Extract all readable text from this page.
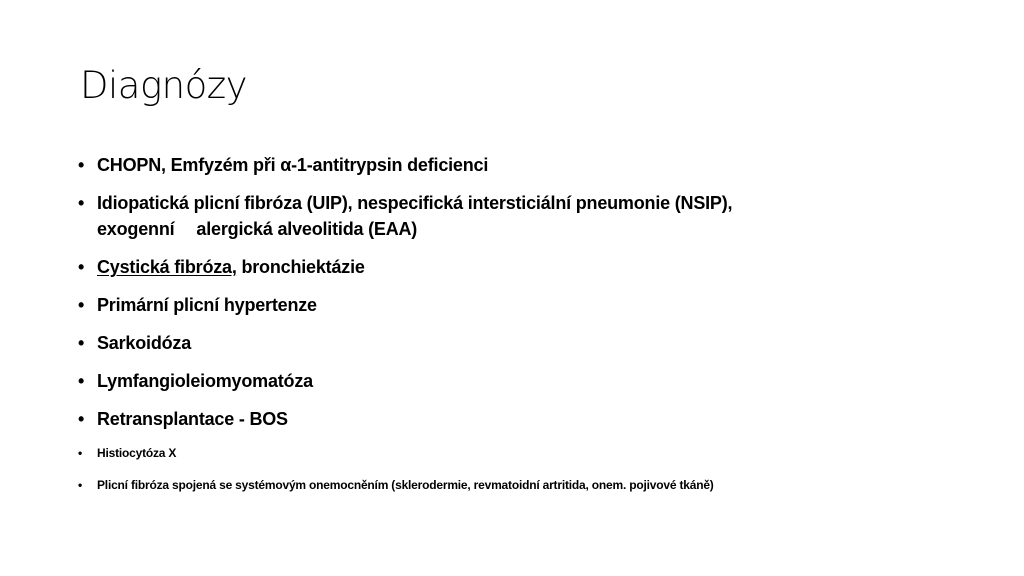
Diagnózy
• CHOPN, Emfyzém při α-1-antitrypsin deficienci
• Idiopatická plicní fibróza (UIP), nespecifická intersticiální pneumonie (NSIP),
exogenní alergická alveolitida (EAA)
• Cystická fibróza, bronchiektázie
• Primární plicní hypertenze
• Sarkoidóza
• Lymfangioleiomyomatóza
• Retransplantace - BOS
• Histiocytóza X
• Plicní fibróza spojená se systémovým onemocněním (sklerodermie, revmatoidní artritida, onem. pojivové tkáně)
